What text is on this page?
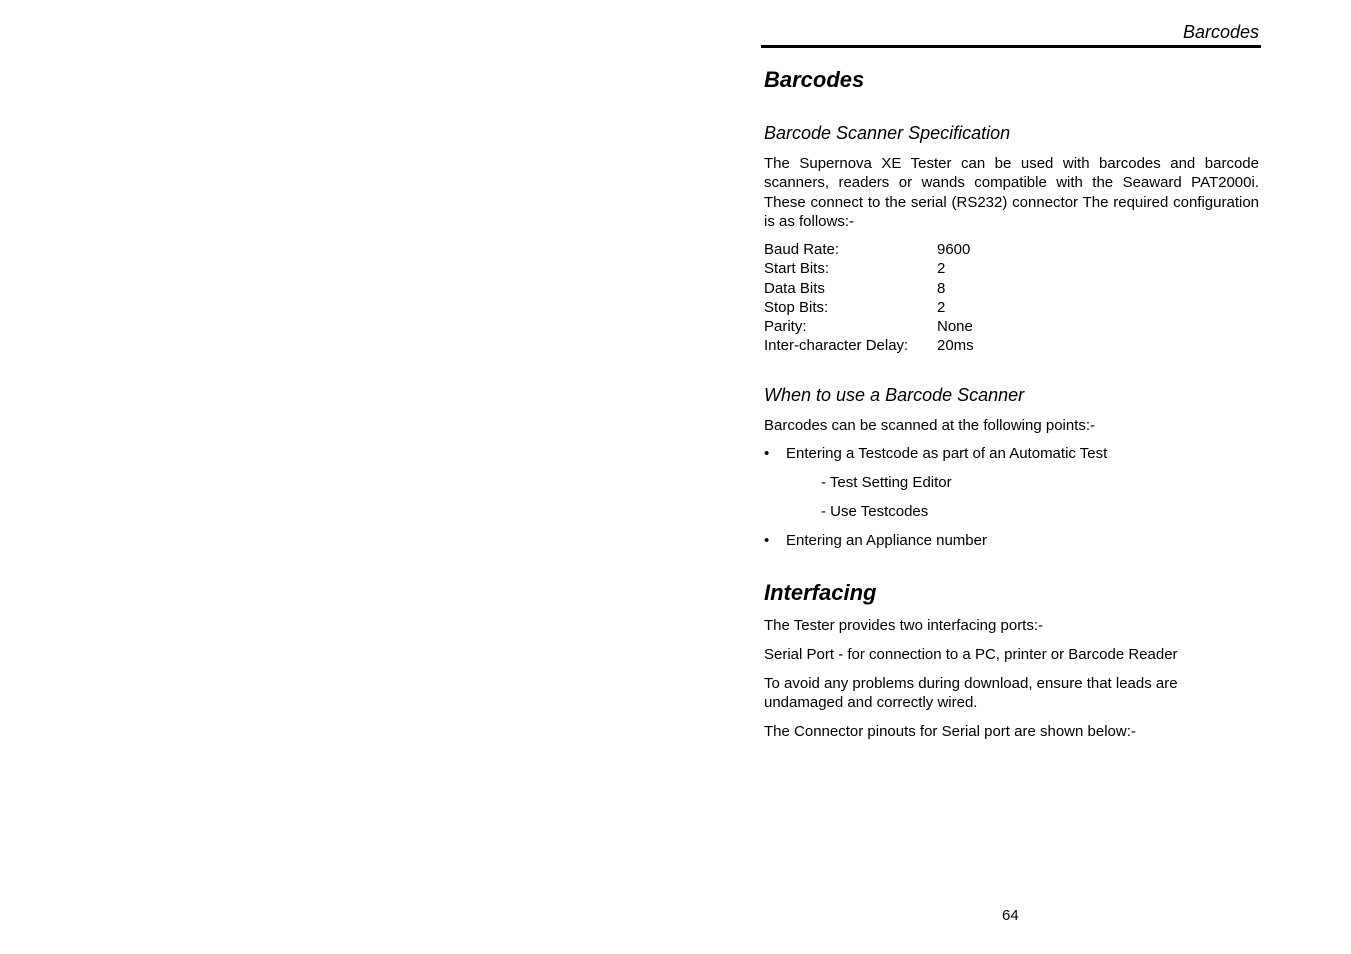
Barcodes
Barcodes
Barcode Scanner Specification
The Supernova XE Tester can be used with barcodes and barcode scanners, readers or wands compatible with the Seaward PAT2000i. These connect to the serial (RS232) connector The required configuration is as follows:-
Baud Rate:	9600
Start Bits:	2
Data Bits	8
Stop Bits:	2
Parity:	None
Inter-character Delay:	20ms
When to use a Barcode Scanner
Barcodes can be scanned at the following points:-
• Entering a Testcode as part of an Automatic Test
- Test Setting Editor
- Use Testcodes
• Entering an Appliance number
Interfacing
The Tester provides two interfacing ports:-
Serial Port - for connection to a PC, printer or Barcode Reader
To avoid any problems during download, ensure that leads are undamaged and correctly wired.
The Connector pinouts for Serial port are shown below:-
64
